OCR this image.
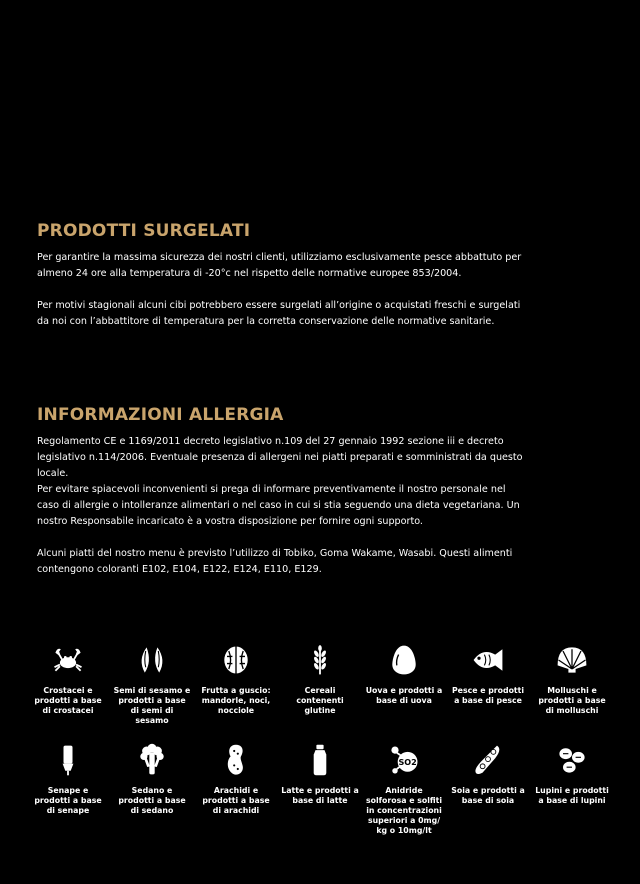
PRODOTTI SURGELATI

Per garantire la massima sicurezza dei nostri clienti, utilizziamo esclusivamente pesce abbattuto per almeno 24 ore alla temperatura di -20°c nel rispetto delle normative europee 853/2004.

Per motivi stagionali alcuni cibi potrebbero essere surgelati all’origine o acquistati freschi e surgelati da noi con l’abbattitore di temperatura per la corretta conservazione delle normative sanitarie.

INFORMAZIONI ALLERGIA

Regolamento CE e 1169/2011 decreto legislativo n.109 del 27 gennaio 1992 sezione iii e decreto legislativo n.114/2006. Eventuale presenza di allergeni nei piatti preparati e somministrati da questo locale.

Per evitare spiacevoli inconvenienti si prega di informare preventivamente il nostro personale nel caso di allergie o intolleranze alimentari o nel caso in cui si stia seguendo una dieta vegetariana. Un nostro Responsabile incaricato è a vostra disposizione per fornire ogni supporto.

Alcuni piatti del nostro menu è previsto l’utilizzo di Tobiko, Goma Wakame, Wasabi. Questi alimenti contengono coloranti E102, E104, E122, E124, E110, E129.

Crostacei e prodotti a base di crostacei
Semi di sesamo e prodotti a base di semi di sesamo
Frutta a guscio: mandorle, noci, nocciole
Cereali contenenti glutine
Uova e prodotti a base di uova
Pesce e prodotti a base di pesce
Molluschi e prodotti a base di molluschi
Senape e prodotti a base di senape
Sedano e prodotti a base di sedano
Arachidi e prodotti a base di arachidi
Latte e prodotti a base di latte
SO2
Anidride solforosa e solfiti in concentrazioni superiori a 0mg/ kg o 10mg/lt
Soia e prodotti a base di soia
Lupini e prodotti a base di lupini
